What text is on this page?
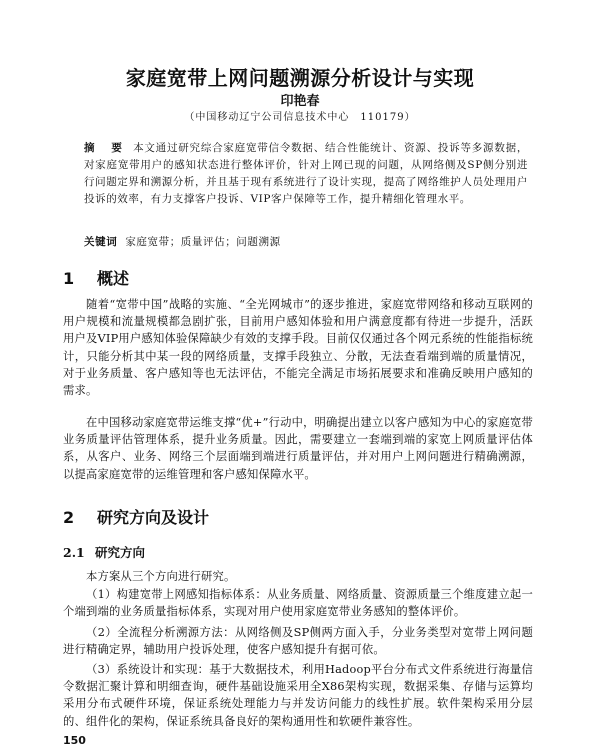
家庭宽带上网问题溯源分析设计与实现
印艳春
（中国移动辽宁公司信息技术中心　110179）

摘　要 本文通过研究综合家庭宽带信令数据、结合性能统计、资源、投诉等多源数据，对家庭宽带用户的感知状态进行整体评价，针对上网已现的问题，从网络侧及SP侧分别进行问题定界和溯源分析，并且基于现有系统进行了设计实现，提高了网络维护人员处理用户投诉的效率，有力支撑客户投诉、VIP客户保障等工作，提升精细化管理水平。

关键词 家庭宽带；质量评估；问题溯源

1 概述

随着“宽带中国”战略的实施、“全光网城市”的逐步推进，家庭宽带网络和移动互联网的用户规模和流量规模都急剧扩张，目前用户感知体验和用户满意度都有待进一步提升，活跃用户及VIP用户感知体验保障缺少有效的支撑手段。目前仅仅通过各个网元系统的性能指标统计，只能分析其中某一段的网络质量，支撑手段独立、分散，无法查看端到端的质量情况，对于业务质量、客户感知等也无法评估，不能完全满足市场拓展要求和准确反映用户感知的需求。

在中国移动家庭宽带运维支撑“优+”行动中，明确提出建立以客户感知为中心的家庭宽带业务质量评估管理体系，提升业务质量。因此，需要建立一套端到端的家宽上网质量评估体系，从客户、业务、网络三个层面端到端进行质量评估，并对用户上网问题进行精确溯源，以提高家庭宽带的运维管理和客户感知保障水平。

2 研究方向及设计
2.1 研究方向

本方案从三个方向进行研究。

（1）构建宽带上网感知指标体系：从业务质量、网络质量、资源质量三个维度建立起一个端到端的业务质量指标体系，实现对用户使用家庭宽带业务感知的整体评价。

（2）全流程分析溯源方法：从网络侧及SP侧两方面入手，分业务类型对宽带上网问题进行精确定界，辅助用户投诉处理，使客户感知提升有据可依。

（3）系统设计和实现：基于大数据技术，利用Hadoop平台分布式文件系统进行海量信令数据汇聚计算和明细查询，硬件基础设施采用全X86架构实现，数据采集、存储与运算均采用分布式硬件环境，保证系统处理能力与并发访问能力的线性扩展。软件架构采用分层的、组件化的架构，保证系统具备良好的架构通用性和软硬件兼容性。

150
